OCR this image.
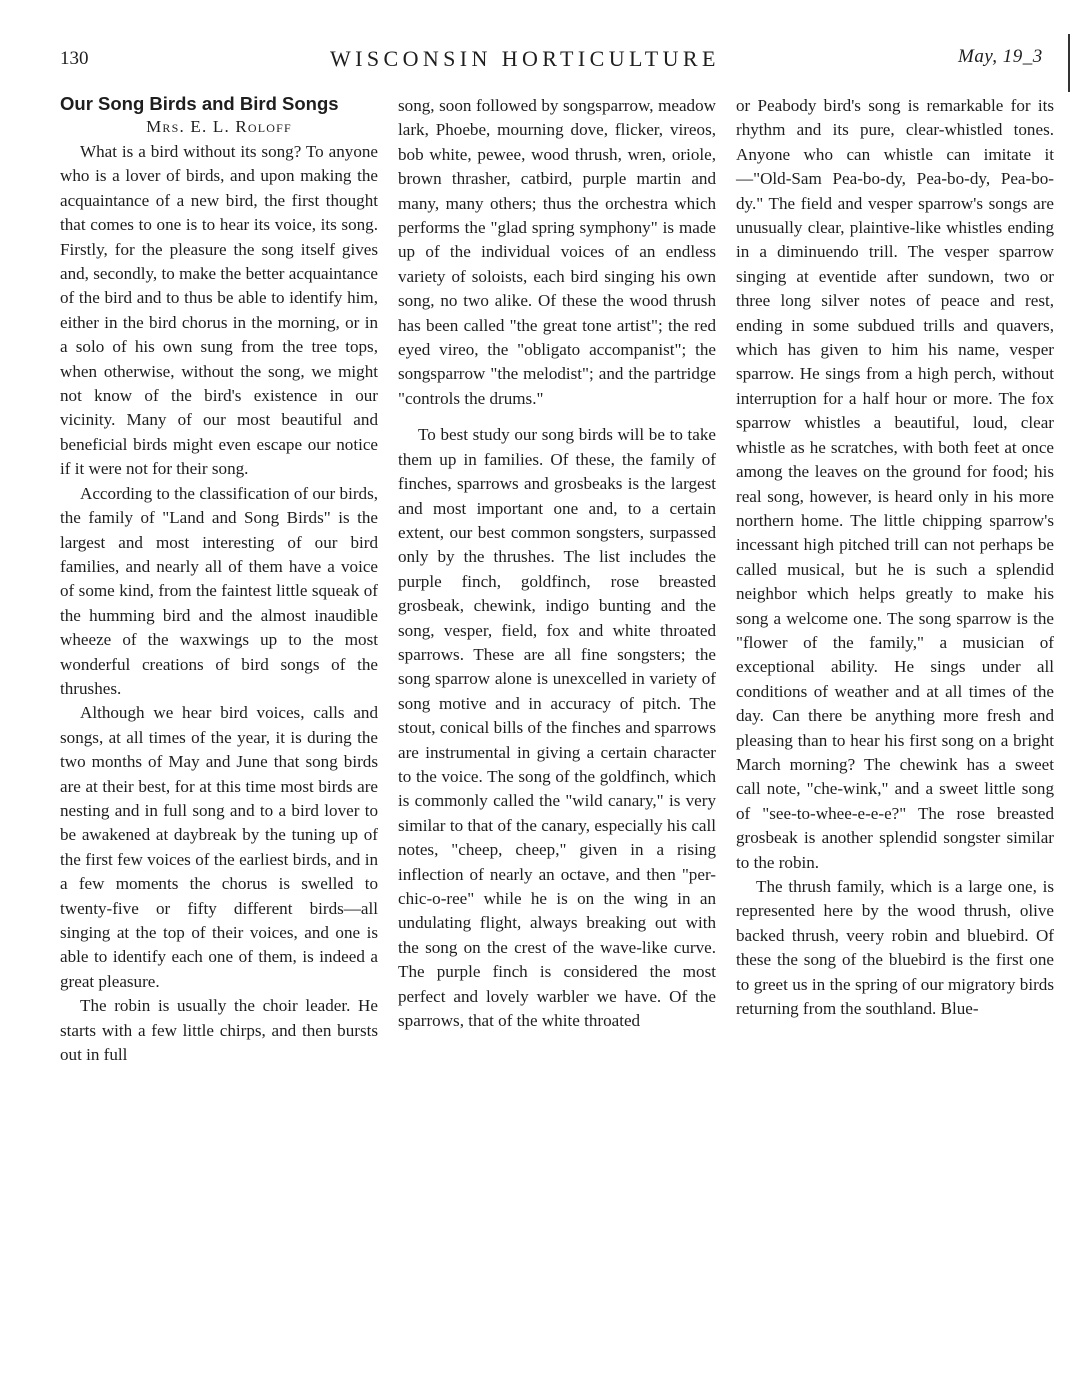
130	WISCONSIN HORTICULTURE	May, 19_3
Our Song Birds and Bird Songs
Mrs. E. L. Roloff

What is a bird without its song? To anyone who is a lover of birds, and upon making the acquaintance of a new bird, the first thought that comes to one is to hear its voice, its song. Firstly, for the pleasure the song itself gives and, secondly, to make the better acquaintance of the bird and to thus be able to identify him, either in the bird chorus in the morning, or in a solo of his own sung from the tree tops, when otherwise, without the song, we might not know of the bird's existence in our vicinity. Many of our most beautiful and beneficial birds might even escape our notice if it were not for their song.

According to the classification of our birds, the family of "Land and Song Birds" is the largest and most interesting of our bird families, and nearly all of them have a voice of some kind, from the faintest little squeak of the humming bird and the almost inaudible wheeze of the waxwings up to the most wonderful creations of bird songs of the thrushes.

Although we hear bird voices, calls and songs, at all times of the year, it is during the two months of May and June that song birds are at their best, for at this time most birds are nesting and in full song and to a bird lover to be awakened at daybreak by the tuning up of the first few voices of the earliest birds, and in a few moments the chorus is swelled to twenty-five or fifty different birds—all singing at the top of their voices, and one is able to identify each one of them, is indeed a great pleasure.

The robin is usually the choir leader. He starts with a few little chirps, and then bursts out in full

song, soon followed by songsparrow, meadow lark, Phoebe, mourning dove, flicker, vireos, bob white, pewee, wood thrush, wren, oriole, brown thrasher, catbird, purple martin and many, many others; thus the orchestra which performs the "glad spring symphony" is made up of the individual voices of an endless variety of soloists, each bird singing his own song, no two alike. Of these the wood thrush has been called "the great tone artist"; the red eyed vireo, the "obligato accompanist"; the songsparrow "the melodist"; and the partridge "controls the drums."

To best study our song birds will be to take them up in families. Of these, the family of finches, sparrows and grosbeaks is the largest and most important one and, to a certain extent, our best common songsters, surpassed only by the thrushes. The list includes the purple finch, goldfinch, rose breasted grosbeak, chewink, indigo bunting and the song, vesper, field, fox and white throated sparrows. These are all fine songsters; the song sparrow alone is unexcelled in variety of song motive and in accuracy of pitch. The stout, conical bills of the finches and sparrows are instrumental in giving a certain character to the voice. The song of the goldfinch, which is commonly called the "wild canary," is very similar to that of the canary, especially his call notes, "cheep, cheep," given in a rising inflection of nearly an octave, and then "per-chic-o-ree" while he is on the wing in an undulating flight, always breaking out with the song on the crest of the wave-like curve. The purple finch is considered the most perfect and lovely warbler we have. Of the sparrows, that of the white throated

or Peabody bird's song is remarkable for its rhythm and its pure, clear-whistled tones. Anyone who can whistle can imitate it—"Old-Sam Pea-bo-dy, Pea-bo-dy, Pea-bo-dy." The field and vesper sparrow's songs are unusually clear, plaintive-like whistles ending in a diminuendo trill. The vesper sparrow singing at eventide after sundown, two or three long silver notes of peace and rest, ending in some subdued trills and quavers, which has given to him his name, vesper sparrow. He sings from a high perch, without interruption for a half hour or more. The fox sparrow whistles a beautiful, loud, clear whistle as he scratches, with both feet at once among the leaves on the ground for food; his real song, however, is heard only in his more northern home. The little chipping sparrow's incessant high pitched trill can not perhaps be called musical, but he is such a splendid neighbor which helps greatly to make his song a welcome one. The song sparrow is the "flower of the family," a musician of exceptional ability. He sings under all conditions of weather and at all times of the day. Can there be anything more fresh and pleasing than to hear his first song on a bright March morning? The chewink has a sweet call note, "che-wink," and a sweet little song of "see-to-whee-e-e-e?" The rose breasted grosbeak is another splendid songster similar to the robin.

The thrush family, which is a large one, is represented here by the wood thrush, olive backed thrush, veery robin and bluebird. Of these the song of the bluebird is the first one to greet us in the spring of our migratory birds returning from the southland. Blue-
